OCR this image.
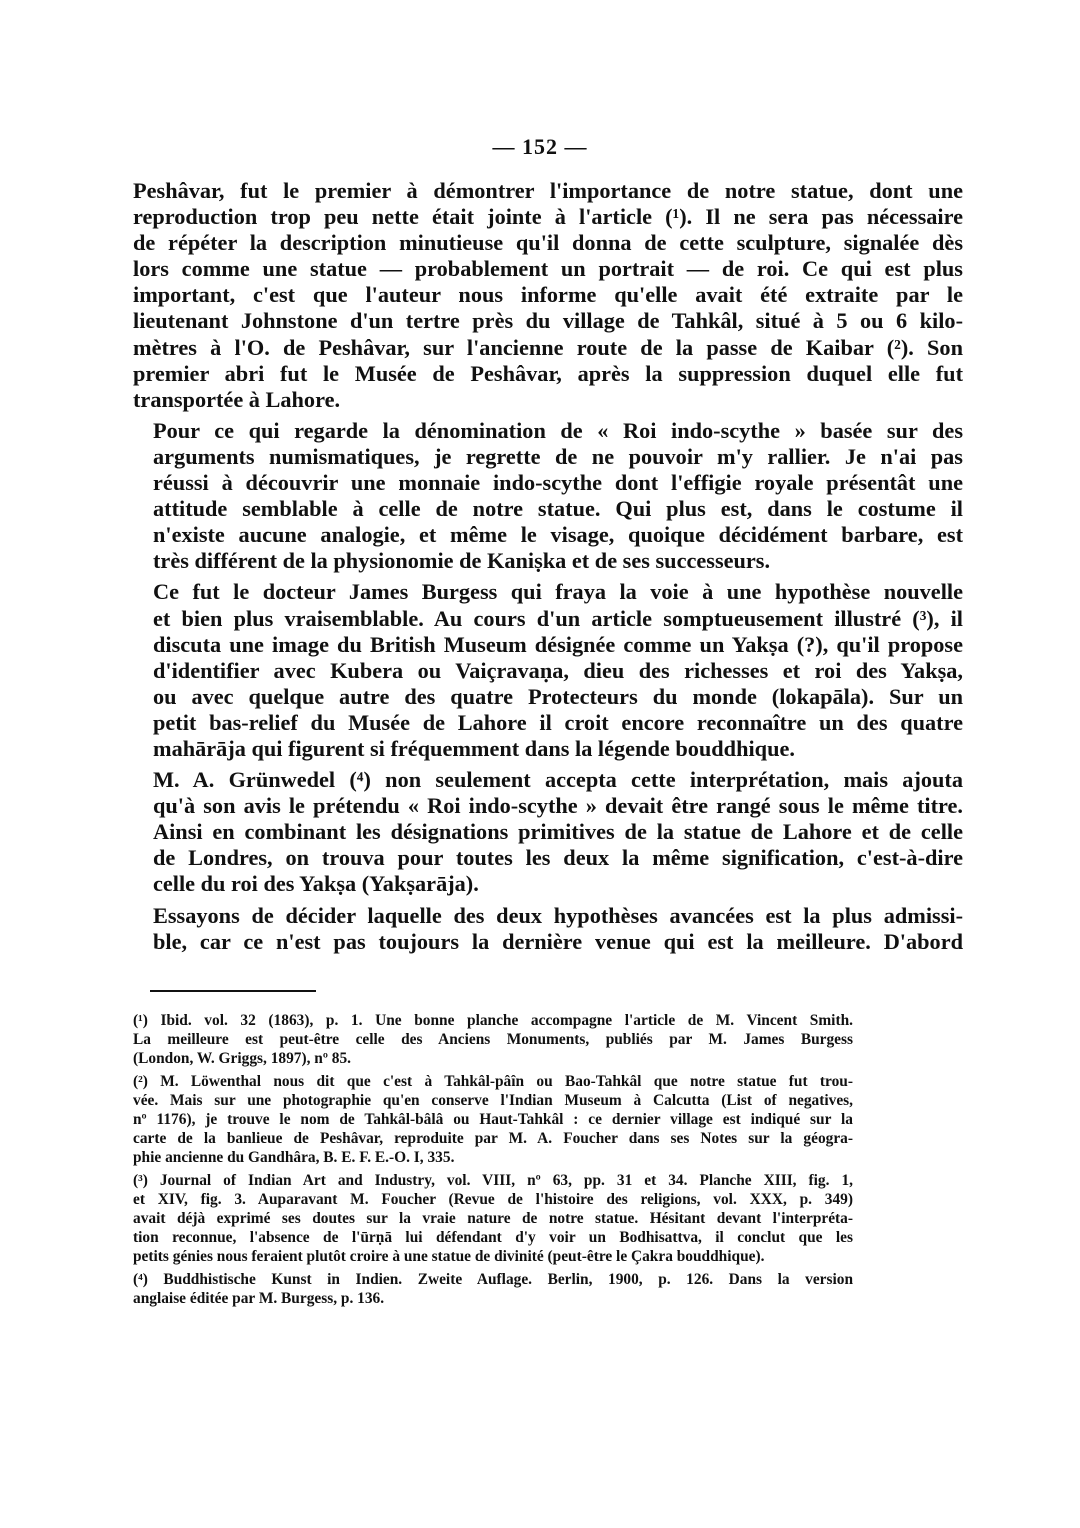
— 152 —

Peshâvar, fut le premier à démontrer l'importance de notre statue, dont une
reproduction trop peu nette était jointe à l'article (¹). Il ne sera pas nécessaire
de répéter la description minutieuse qu'il donna de cette sculpture, signalée dès
lors comme une statue — probablement un portrait — de roi. Ce qui est plus
important, c'est que l'auteur nous informe qu'elle avait été extraite par le
lieutenant Johnstone d'un tertre près du village de Tahkâl, situé à 5 ou 6 kilo-
mètres à l'O. de Peshâvar, sur l'ancienne route de la passe de Kaibar (²). Son
premier abri fut le Musée de Peshâvar, après la suppression duquel elle fut
transportée à Lahore.

Pour ce qui regarde la dénomination de « Roi indo-scythe » basée sur des
arguments numismatiques, je regrette de ne pouvoir m'y rallier. Je n'ai pas
réussi à découvrir une monnaie indo-scythe dont l'effigie royale présentât une
attitude semblable à celle de notre statue. Qui plus est, dans le costume il
n'existe aucune analogie, et même le visage, quoique décidément barbare, est
très différent de la physionomie de Kaniṣka et de ses successeurs.

Ce fut le docteur James Burgess qui fraya la voie à une hypothèse nouvelle
et bien plus vraisemblable. Au cours d'un article somptueusement illustré (³), il
discuta une image du British Museum désignée comme un Yakṣa (?), qu'il propose
d'identifier avec Kubera ou Vaiçravaṇa, dieu des richesses et roi des Yakṣa,
ou avec quelque autre des quatre Protecteurs du monde (lokapāla). Sur un
petit bas-relief du Musée de Lahore il croit encore reconnaître un des quatre
mahārāja qui figurent si fréquemment dans la légende bouddhique.

M. A. Grünwedel (⁴) non seulement accepta cette interprétation, mais ajouta
qu'à son avis le prétendu « Roi indo-scythe » devait être rangé sous le même titre.
Ainsi en combinant les désignations primitives de la statue de Lahore et de celle
de Londres, on trouva pour toutes les deux la même signification, c'est-à-dire
celle du roi des Yakṣa (Yakṣarāja).

Essayons de décider laquelle des deux hypothèses avancées est la plus admissi-
ble, car ce n'est pas toujours la dernière venue qui est la meilleure. D'abord

(¹) Ibid. vol. 32 (1863), p. 1. Une bonne planche accompagne l'article de M. Vincent Smith.
La meilleure est peut-être celle des Anciens Monuments, publiés par M. James Burgess
(London, W. Griggs, 1897), nº 85.
(²) M. Löwenthal nous dit que c'est à Tahkâl-pâîn ou Bao-Tahkâl que notre statue fut trou-
vée. Mais sur une photographie qu'en conserve l'Indian Museum à Calcutta (List of negatives,
nº 1176), je trouve le nom de Tahkâl-bâlâ ou Haut-Tahkâl : ce dernier village est indiqué sur la
carte de la banlieue de Peshâvar, reproduite par M. A. Foucher dans ses Notes sur la géogra-
phie ancienne du Gandhâra, B. E. F. E.-O. I, 335.
(³) Journal of Indian Art and Industry, vol. VIII, nº 63, pp. 31 et 34. Planche XIII, fig. 1,
et XIV, fig. 3. Auparavant M. Foucher (Revue de l'histoire des religions, vol. XXX, p. 349)
avait déjà exprimé ses doutes sur la vraie nature de notre statue. Hésitant devant l'interpréta-
tion reconnue, l'absence de l'ūrṇā lui défendant d'y voir un Bodhisattva, il conclut que les
petits génies nous feraient plutôt croire à une statue de divinité (peut-être le Çakra bouddhique).
(⁴) Buddhistische Kunst in Indien. Zweite Auflage. Berlin, 1900, p. 126. Dans la version
anglaise éditée par M. Burgess, p. 136.
